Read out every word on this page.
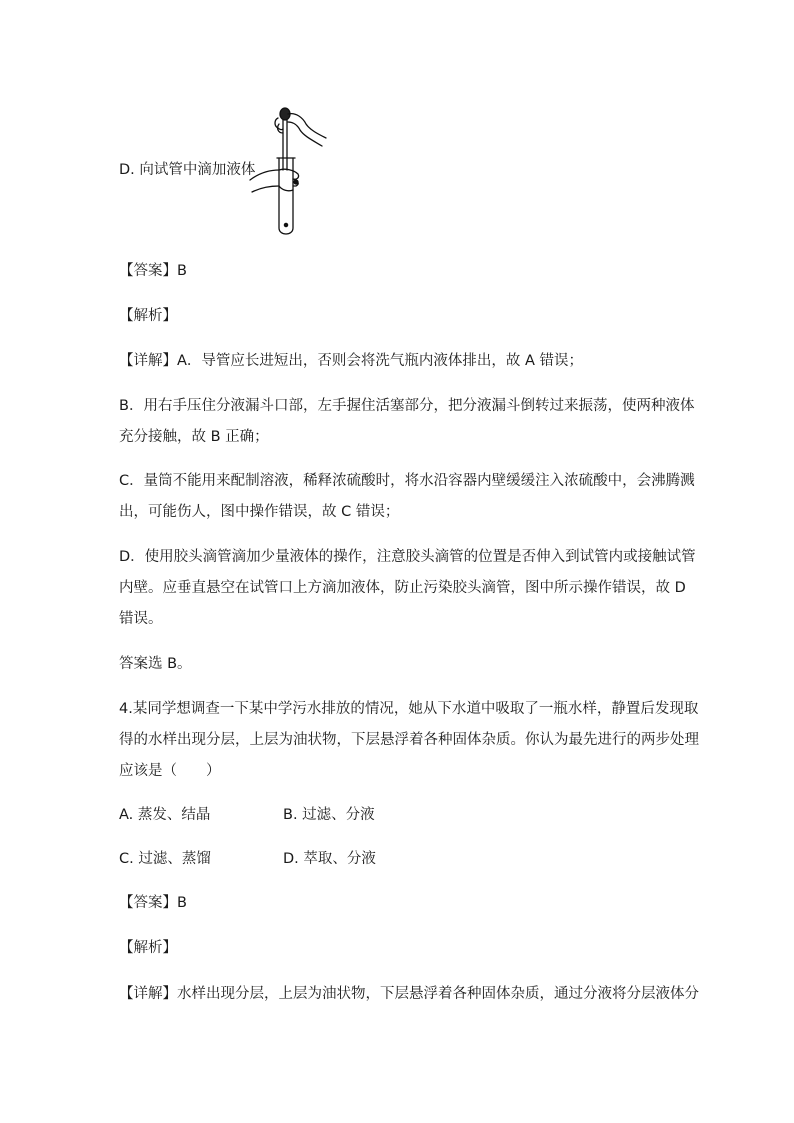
D. 向试管中滴加液体
【答案】B
【解析】
【详解】A．导管应长进短出，否则会将洗气瓶内液体排出，故 A 错误；
B．用右手压住分液漏斗口部，左手握住活塞部分，把分液漏斗倒转过来振荡，使两种液体
充分接触，故 B 正确；
C．量筒不能用来配制溶液，稀释浓硫酸时，将水沿容器内壁缓缓注入浓硫酸中，会沸腾溅
出，可能伤人，图中操作错误，故 C 错误；
D．使用胶头滴管滴加少量液体的操作，注意胶头滴管的位置是否伸入到试管内或接触试管
内壁。应垂直悬空在试管口上方滴加液体，防止污染胶头滴管，图中所示操作错误，故 D
错误。
答案选 B。
4.某同学想调查一下某中学污水排放的情况，她从下水道中吸取了一瓶水样，静置后发现取
得的水样出现分层，上层为油状物，下层悬浮着各种固体杂质。你认为最先进行的两步处理
应该是（　　）
A. 蒸发、结晶	B. 过滤、分液
C. 过滤、蒸馏	D. 萃取、分液
【答案】B
【解析】
【详解】水样出现分层，上层为油状物，下层悬浮着各种固体杂质，通过分液将分层液体分
